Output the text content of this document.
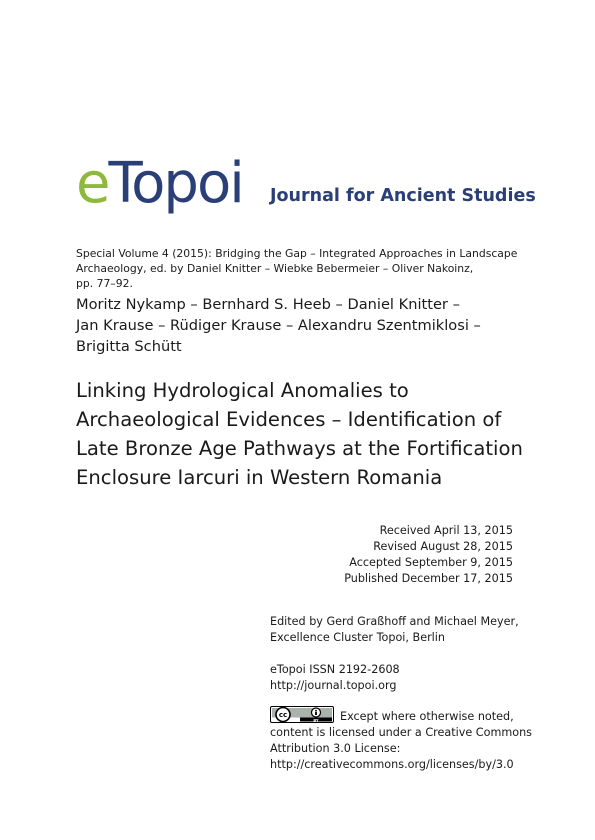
eTopoi Journal for Ancient Studies
Special Volume 4 (2015): Bridging the Gap – Integrated Approaches in Landscape
Archaeology, ed. by Daniel Knitter – Wiebke Bebermeier – Oliver Nakoinz,
pp. 77–92.
Moritz Nykamp – Bernhard S. Heeb – Daniel Knitter –
Jan Krause – Rüdiger Krause – Alexandru Szentmiklosi –
Brigitta Schütt
Linking Hydrological Anomalies to
Archaeological Evidences – Identification of
Late Bronze Age Pathways at the Fortification
Enclosure Iarcuri in Western Romania
Received April 13, 2015
Revised August 28, 2015
Accepted September 9, 2015
Published December 17, 2015
Edited by Gerd Graßhoff and Michael Meyer,
Excellence Cluster Topoi, Berlin
eTopoi ISSN 2192-2608
http://journal.topoi.org
cc
BY Except where otherwise noted,
content is licensed under a Creative Commons
Attribution 3.0 License:
http://creativecommons.org/licenses/by/3.0
